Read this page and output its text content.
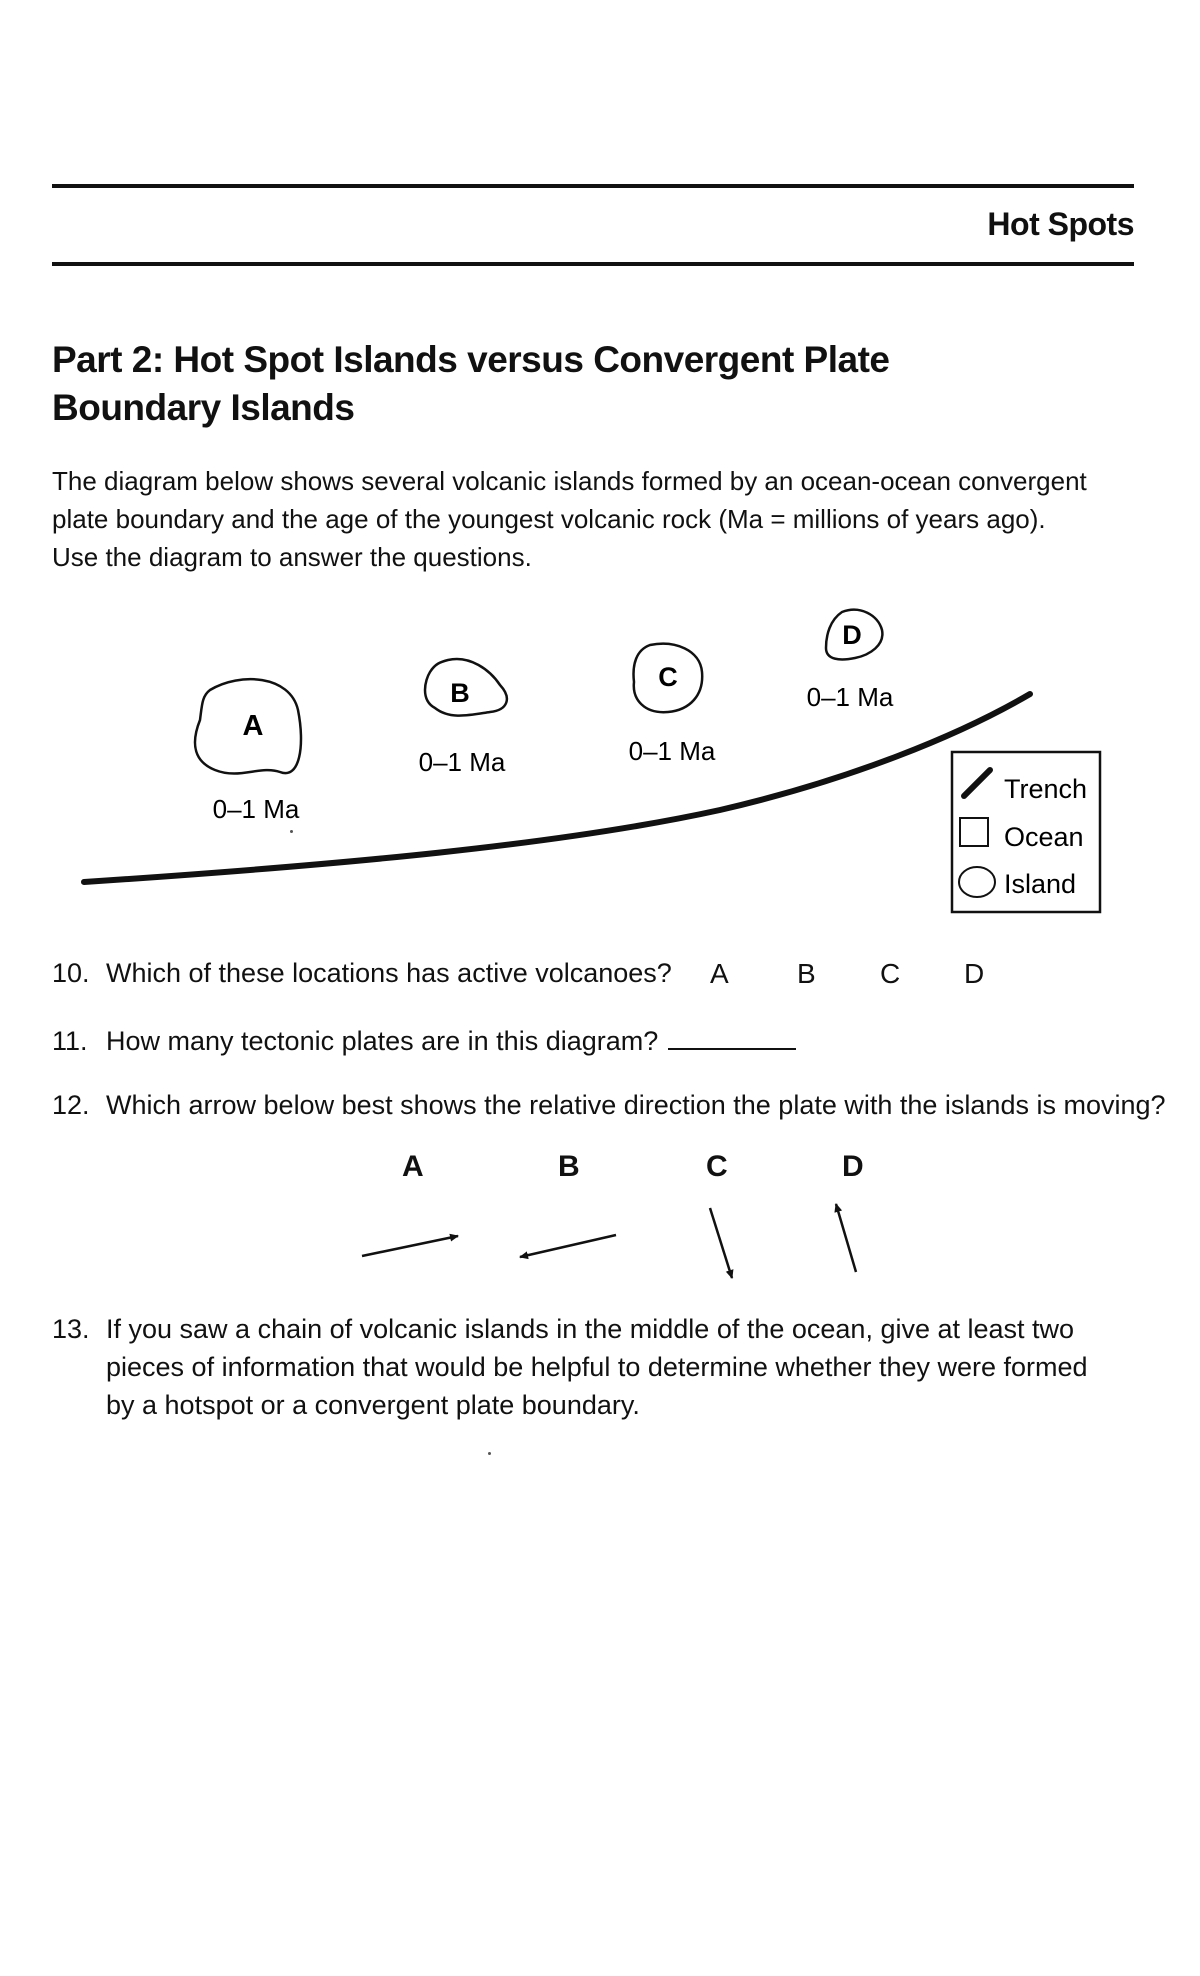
Hot Spots
Part 2: Hot Spot Islands versus Convergent Plate Boundary Islands
The diagram below shows several volcanic islands formed by an ocean-ocean convergent plate boundary and the age of the youngest volcanic rock (Ma = millions of years ago). Use the diagram to answer the questions.
A
0–1 Ma
B
0–1 Ma
C
0–1 Ma
D
0–1 Ma
Trench
Ocean
Island
10. Which of these locations has active volcanoes? A B C D
11. How many tectonic plates are in this diagram?
12. Which arrow below best shows the relative direction the plate with the islands is moving?
A	B	C	D
13. If you saw a chain of volcanic islands in the middle of the ocean, give at least two pieces of information that would be helpful to determine whether they were formed by a hotspot or a convergent plate boundary.
